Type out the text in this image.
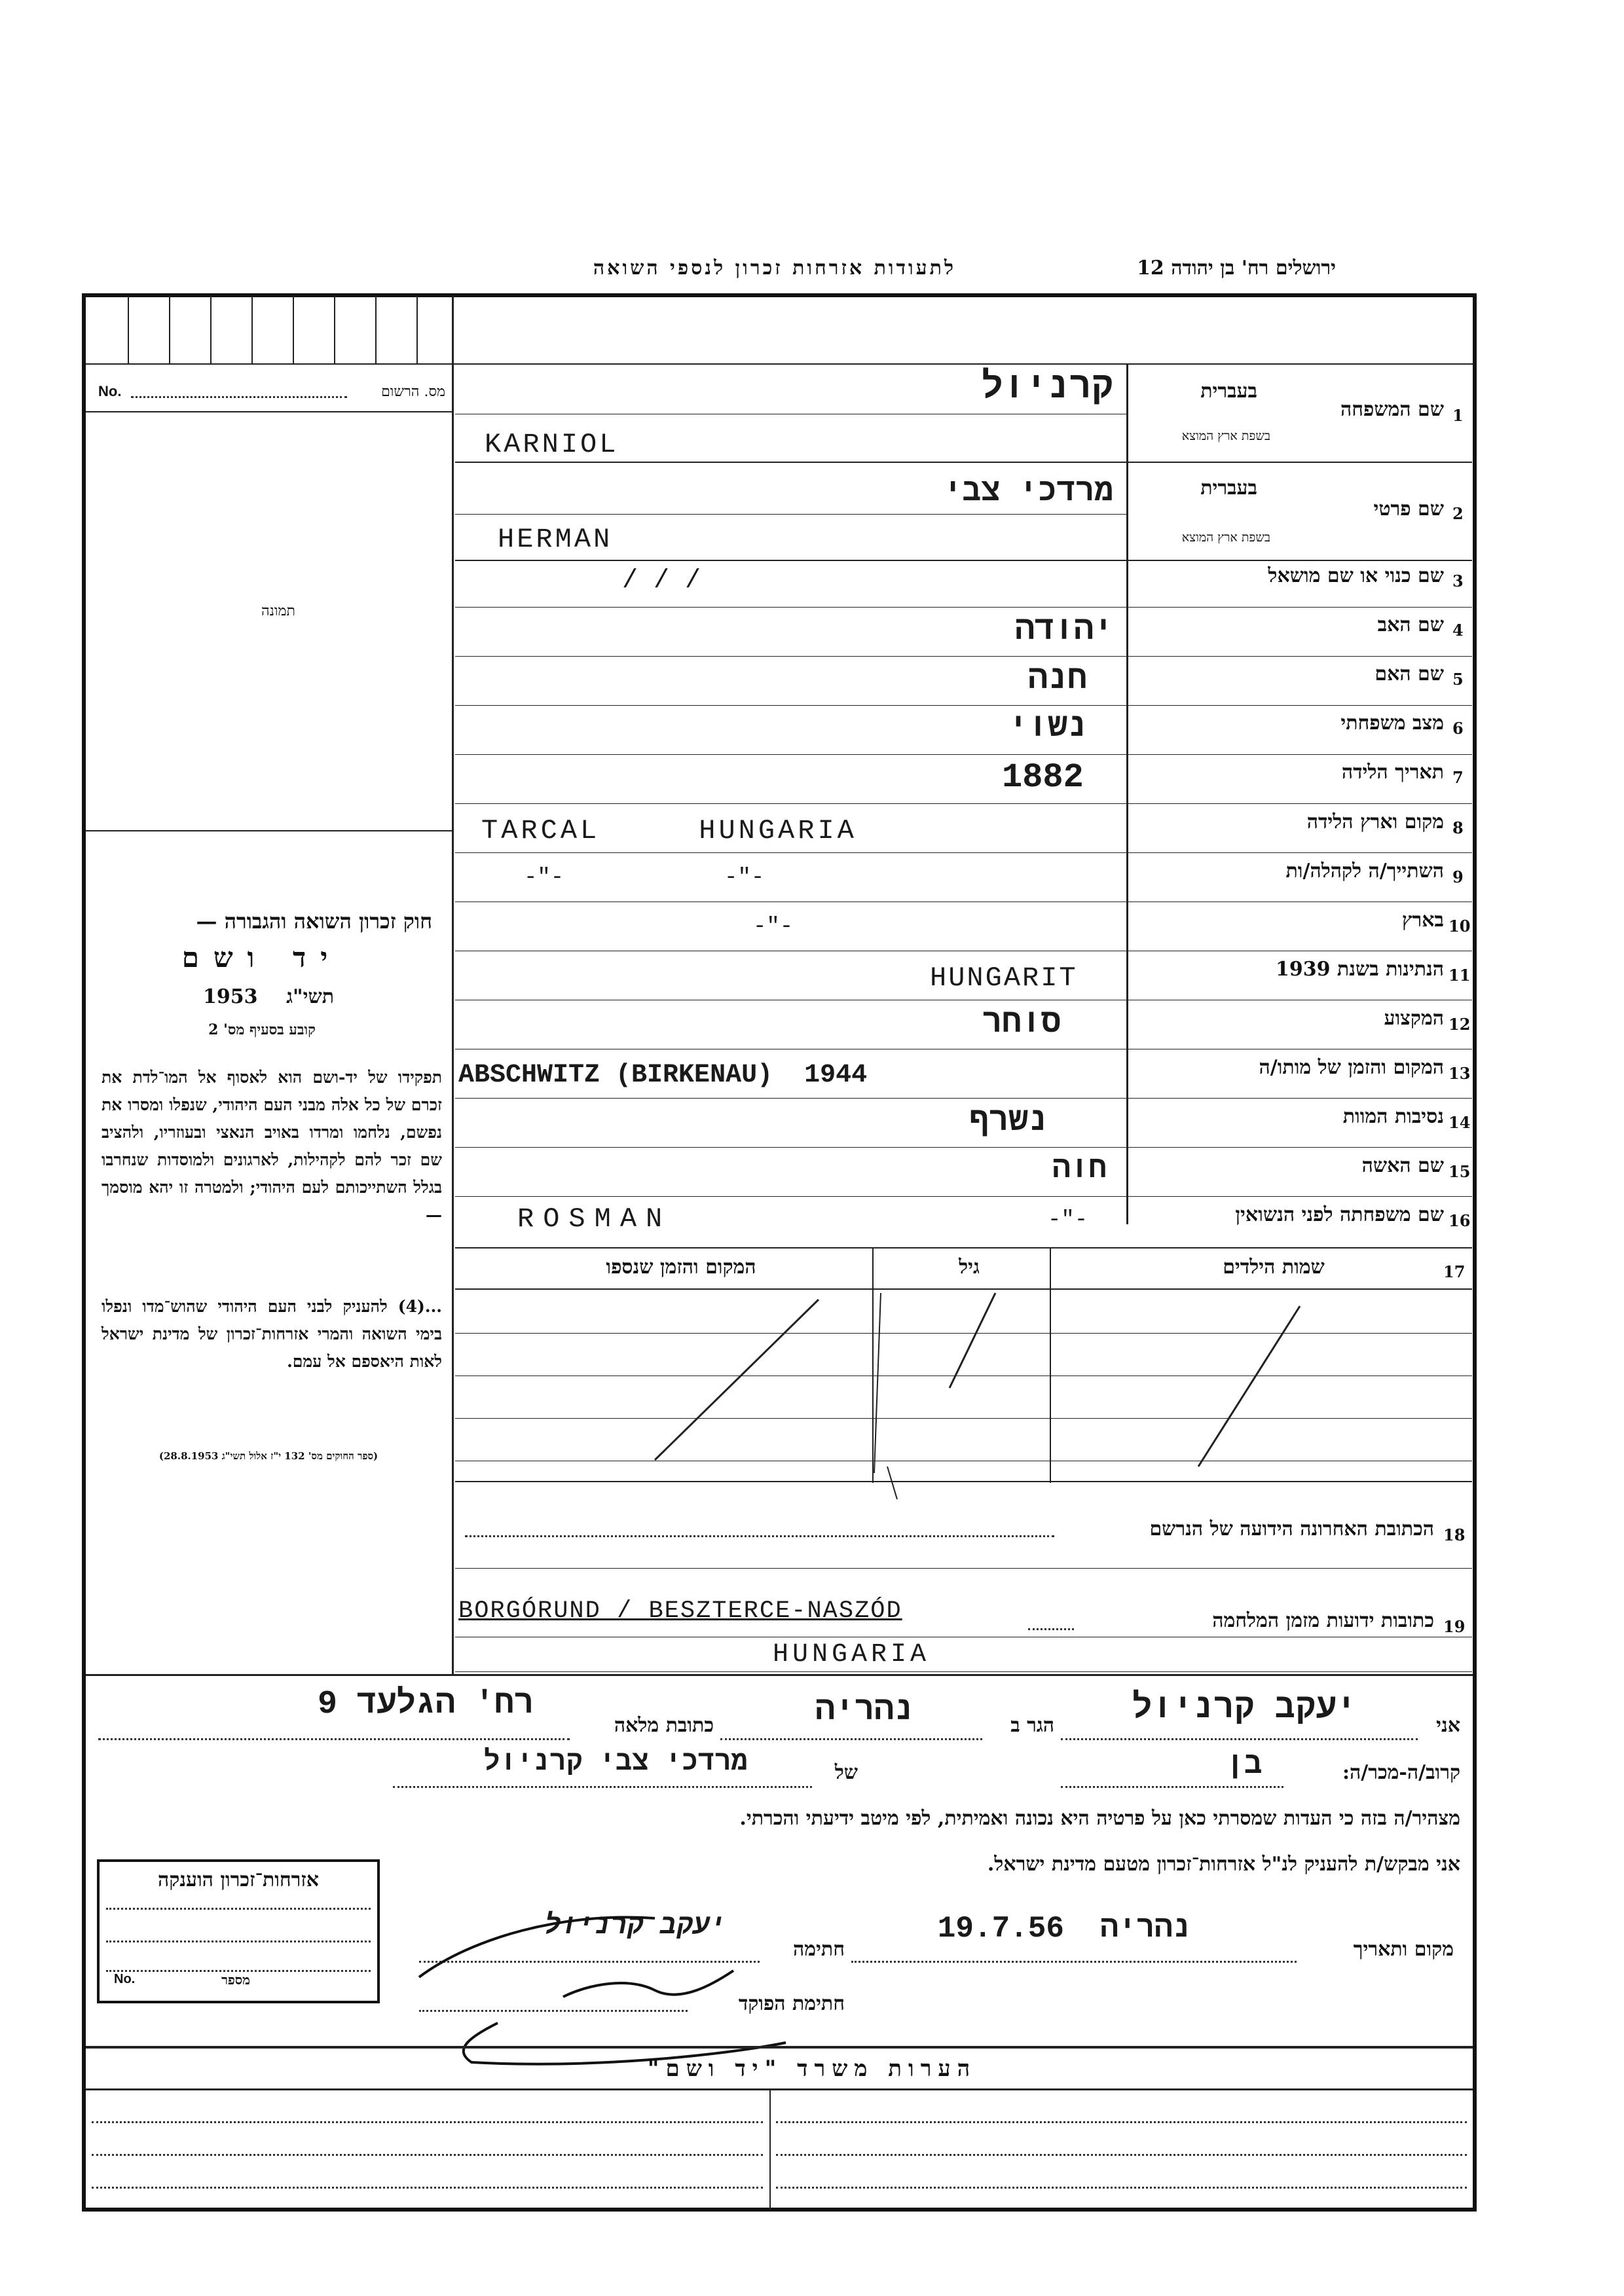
ירושלים רח' בן יהודה 12
לתעודות אזרחות זכרון לנספי השואה
No.	מס. הרשום
תמונה
חוק זכרון השואה והגבורה —
יד ושם
תשי"ג
1953
קובע בסעיף מס' 2
תפקידו של יד-ושם הוא לאסוף אל המו־לדת את זכרם של כל אלה מבני העם היהודי, שנפלו ומסרו את נפשם, נלחמו ומרדו באויב הנאצי ובעוזריו, ולהציב שם זכר להם לקהילות, לארגונים ולמוסדות שנחרבו בגלל השתייכותם לעם היהודי; ולמטרה זו יהא מוסמך —
...(4) להעניק לבני העם היהודי שהוש־מדו ונפלו בימי השואה והמרי אזרחות־זכרון של מדינת ישראל לאות היאספם אל עמם.
(ספר החוקים מס' 132 י"ז אלול תשי"ג 28.8.1953)
1
שם המשפחה
בעברית
בשפת ארץ המוצא
קרניול
KARNIOL
2
שם פרטי
בעברית
בשפת ארץ המוצא
מרדכי צבי
HERMAN
3
שם כנוי או שם מושאל
/ / /
4
שם האב
יהודה
5
שם האם
חנה
6
מצב משפחתי
נשוי
7
תאריך הלידה
1882
8
מקום וארץ הלידה
TARCAL     HUNGARIA
9
השתייך/ה לקהלה/ות
-"-            -"-
10
בארץ
-"-
11
הנתינות בשנת 1939
HUNGARIT
12
המקצוע
סוחר
13
המקום והזמן של מותו/ה
ABSCHWITZ (BIRKENAU)  1944
14
נסיבות המוות
נשרף
15
שם האשה
חוה
16
שם משפחתה לפני הנשואין
ROSMAN	-"-
17
שמות הילדים
גיל
המקום והזמן שנספו
18
הכתובת האחרונה הידועה של הנרשם
19
כתובות ידועות מזמן המלחמה
BORGÓRUND / BESZTERCE-NASZÓD
HUNGARIA
אני
יעקב קרניול
הגר ב
נהריה
כתובת מלאה
רח' הגלעד 9
קרוב/ה-מכר/ה:
בן
של
מרדכי צבי קרניול
מצהיר/ה בזה כי העדות שמסרתי כאן על פרטיה היא נכונה ואמיתית, לפי מיטב ידיעתי והכרתי.
אני מבקש/ת להעניק לנ"ל אזרחות־זכרון מטעם מדינת ישראל.
אזרחות־זכרון הוענקה
No.	מספר
מקום ותאריך
נהריה  19.7.56
חתימה
יעקב קרניול
חתימת הפוקד
הערות משרד "יד ושם"
